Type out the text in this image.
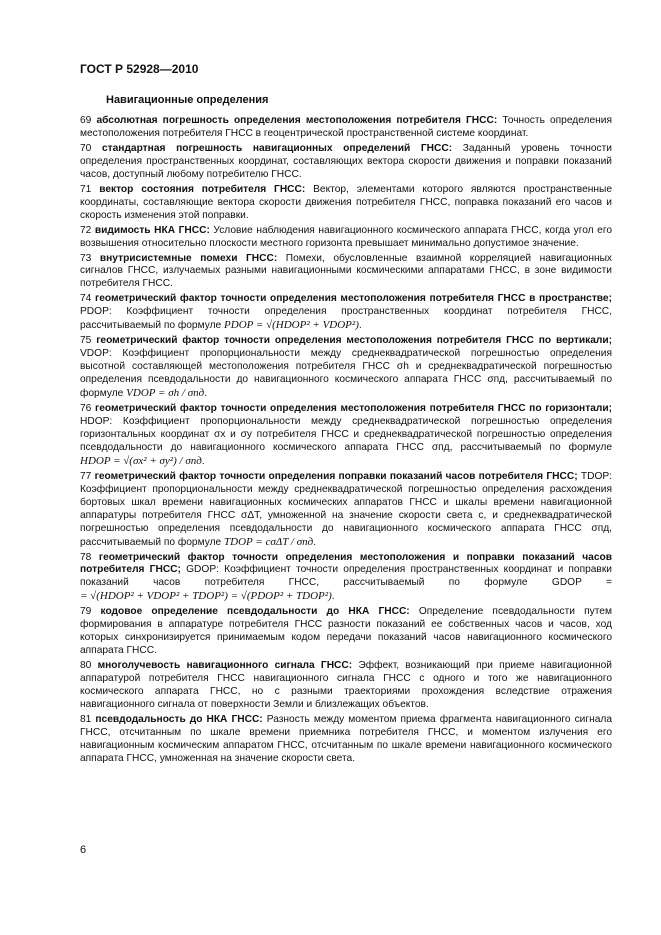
ГОСТ Р 52928—2010
Навигационные определения

69 абсолютная погрешность определения местоположения потребителя ГНСС: Точность определения местоположения потребителя ГНСС в геоцентрической пространственной системе координат.

70 стандартная погрешность навигационных определений ГНСС: Заданный уровень точности определения пространственных координат, составляющих вектора скорости движения и поправки показаний часов, доступный любому потребителю ГНСС.

71 вектор состояния потребителя ГНСС: Вектор, элементами которого являются пространственные координаты, составляющие вектора скорости движения потребителя ГНСС, поправка показаний его часов и скорость изменения этой поправки.

72 видимость НКА ГНСС: Условие наблюдения навигационного космического аппарата ГНСС, когда угол его возвышения относительно плоскости местного горизонта превышает минимально допустимое значение.

73 внутрисистемные помехи ГНСС: Помехи, обусловленные взаимной корреляцией навигационных сигналов ГНСС, излучаемых разными навигационными космическими аппаратами ГНСС, в зоне видимости потребителя ГНСС.

74 геометрический фактор точности определения местоположения потребителя ГНСС в пространстве; PDOP: Коэффициент точности определения пространственных координат потребителя ГНСС, рассчитываемый по формуле PDOP = √(HDOP² + VDOP²).

75 геометрический фактор точности определения местоположения потребителя ГНСС по вертикали; VDOP: Коэффициент пропорциональности между среднеквадратической погрешностью определения высотной составляющей местоположения потребителя ГНСС σh и среднеквадратической погрешностью определения псевдодальности до навигационного космического аппарата ГНСС σпд, рассчитываемый по формуле VDOP = σh / σпд.

76 геометрический фактор точности определения местоположения потребителя ГНСС по горизонтали; HDOP: Коэффициент пропорциональности между среднеквадратической погрешностью определения горизонтальных координат σx и σy потребителя ГНСС и среднеквадратической погрешностью определения псевдодальности до навигационного космического аппарата ГНСС σпд, рассчитываемый по формуле HDOP = √(σx² + σy²) / σпд.

77 геометрический фактор точности определения поправки показаний часов потребителя ГНСС; TDOP: Коэффициент пропорциональности между среднеквадратической погрешностью определения расхождения бортовых шкал времени навигационных космических аппаратов ГНСС и шкалы времени навигационной аппаратуры потребителя ГНСС σΔT, умноженной на значение скорости света c, и среднеквадратической погрешностью определения псевдодальности до навигационного космического аппарата ГНСС σпд, рассчитываемый по формуле TDOP = cσΔT / σпд.

78 геометрический фактор точности определения местоположения и поправки показаний часов потребителя ГНСС; GDOP: Коэффициент точности определения пространственных координат и поправки показаний часов потребителя ГНСС, рассчитываемый по формуле GDOP = = √(HDOP² + VDOP² + TDOP²) = √(PDOP² + TDOP²).

79 кодовое определение псевдодальности до НКА ГНСС: Определение псевдодальности путем формирования в аппаратуре потребителя ГНСС разности показаний ее собственных часов и часов, ход которых синхронизируется принимаемым кодом передачи показаний часов навигационного космического аппарата ГНСС.

80 многолучевость навигационного сигнала ГНСС: Эффект, возникающий при приеме навигационной аппаратурой потребителя ГНСС навигационного сигнала ГНСС с одного и того же навигационного космического аппарата ГНСС, но с разными траекториями прохождения вследствие отражения навигационного сигнала от поверхности Земли и близлежащих объектов.

81 псевдодальность до НКА ГНСС: Разность между моментом приема фрагмента навигационного сигнала ГНСС, отсчитанным по шкале времени приемника потребителя ГНСС, и моментом излучения его навигационным космическим аппаратом ГНСС, отсчитанным по шкале времени навигационного космического аппарата ГНСС, умноженная на значение скорости света.

6
